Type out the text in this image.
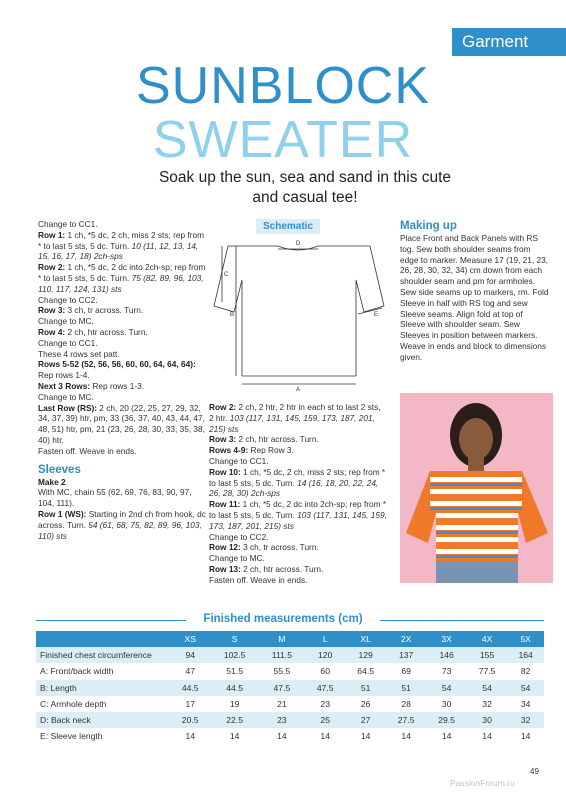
Garment
SUNBLOCK
SWEATER
Soak up the sun, sea and sand in this cute and casual tee!

Change to CC1.

Row 1: 1 ch, *5 dc, 2 ch, miss 2 sts; rep from * to last 5 sts, 5 dc. Turn. 10 (11, 12, 13, 14, 15, 16, 17, 18) 2ch-sps

Row 2: 1 ch, *5 dc, 2 dc into 2ch-sp; rep from * to last 5 sts, 5 dc. Turn. 75 (82, 89, 96, 103, 110, 117, 124, 131) sts

Change to CC2.

Row 3: 3 ch, tr across. Turn.

Change to MC.

Row 4: 2 ch, htr across. Turn.

Change to CC1.

These 4 rows set patt.

Rows 5-52 (52, 56, 56, 60, 60, 64, 64, 64): Rep rows 1-4.

Next 3 Rows: Rep rows 1-3.

Change to MC.

Last Row (RS): 2 ch, 20 (22, 25, 27, 29, 32, 34, 37, 39) htr, pm, 33 (36, 37, 40, 43, 44, 47, 48, 51) htr, pm, 21 (23, 26, 28, 30, 33, 35, 38, 40) htr.

Fasten off. Weave in ends.

Sleeves

Make 2

With MC, chain 55 (62, 69, 76, 83, 90, 97, 104, 111).

Row 1 (WS): Starting in 2nd ch from hook, dc across. Turn. 54 (61, 68, 75, 82, 89, 96, 103, 110) sts

Schematic
D
C
B
A
E

Making up

Place Front and Back Panels with RS tog. Sew both shoulder seams from edge to marker. Measure 17 (19, 21, 23, 26, 28, 30, 32, 34) cm down from each shoulder seam and pm for armholes. Sew side seams up to markers, rm. Fold Sleeve in half with RS tog and sew Sleeve seams. Align fold at top of Sleeve with shoulder seam. Sew Sleeves in position between markers. Weave in ends and block to dimensions given.

Row 2: 2 ch, 2 htr, 2 htr in each st to last 2 sts, 2 htr. 103 (117, 131, 145, 159, 173, 187, 201, 215) sts

Row 3: 2 ch, htr across. Turn.

Rows 4-9: Rep Row 3.

Change to CC1.

Row 10: 1 ch, *5 dc, 2 ch, miss 2 sts; rep from * to last 5 sts, 5 dc. Turn. 14 (16, 18, 20, 22, 24, 26, 28, 30) 2ch-sps

Row 11: 1 ch, *5 dc, 2 dc into 2ch-sp; rep from * to last 5 sts, 5 dc. Turn. 103 (117, 131, 145, 159, 173, 187, 201, 215) sts

Change to CC2.

Row 12: 3 ch, tr across. Turn.

Change to MC.

Row 13: 2 ch, htr across. Turn.

Fasten off. Weave in ends.

Finished measurements (cm)
	XS	S	M	L	XL	2X	3X	4X	5X
Finished chest circumference	94	102.5	111.5	120	129	137	146	155	164
A: Front/back width	47	51.5	55.5	60	64.5	69	73	77.5	82
B: Length	44.5	44.5	47.5	47.5	51	51	54	54	54
C: Armhole depth	17	19	21	23	26	28	30	32	34
D: Back neck	20.5	22.5	23	25	27	27.5	29.5	30	32
E: Sleeve length	14	14	14	14	14	14	14	14	14
49
PassionForum.ru
